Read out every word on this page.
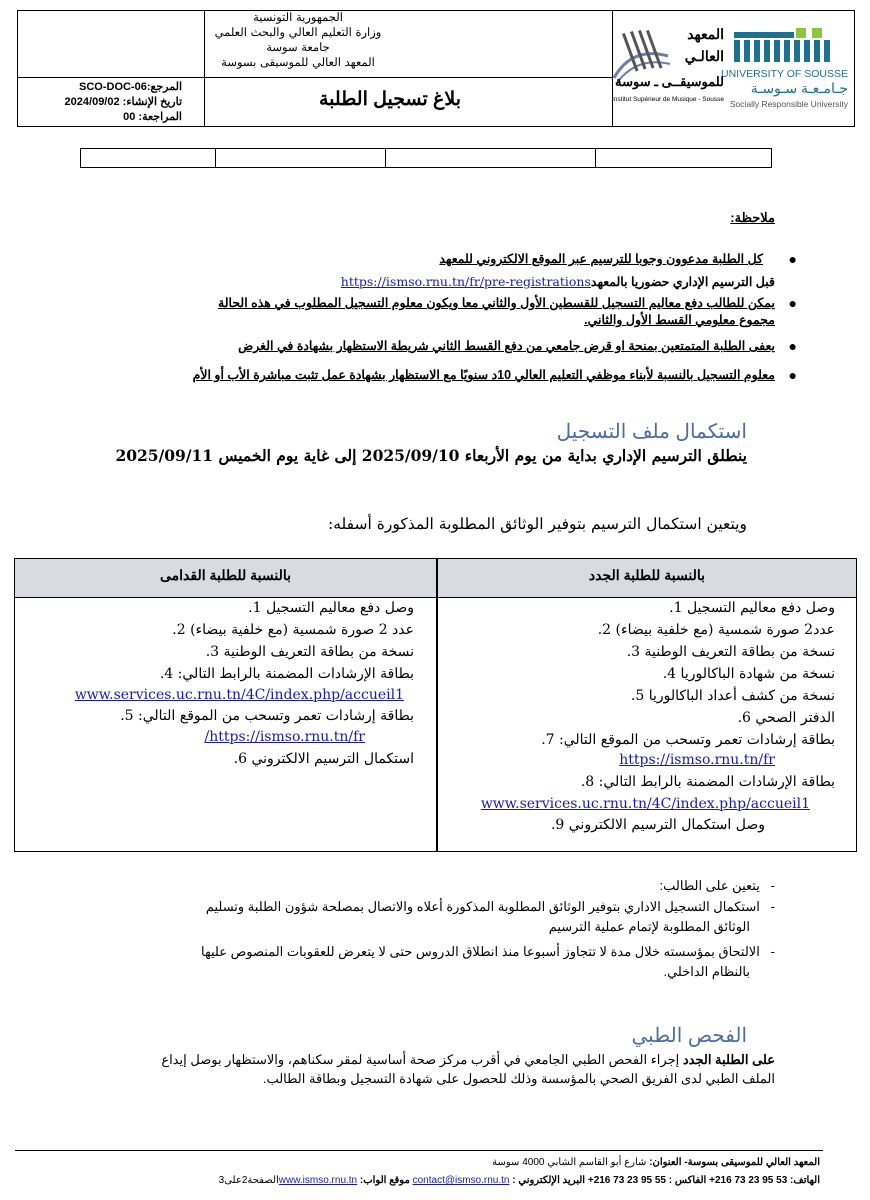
الجمهورية التونسية
وزارة التعليم العالي والبحث العلمي
جامعة سوسة
المعهد العالي للموسيقى بسوسة
المرجع:SCO-DOC-06
تاريخ الإنشاء: 2024/09/02
المراجعة: 00
بلاغ تسجيل الطلبة
المعهد
العالـي
للموسيقــى ـ سوسة
Institut Supérieur de Musique - Sousse
UNIVERSITY OF SOUSSE
جـامـعـة سـوسـة
Socially Responsible University
ملاحظة:
●
كل الطلبة مدعوون وجوبا للترسيم عبر الموقع الالكتروني للمعهد
قبل الترسيم الإداري حضوريا بالمعهدhttps://ismso.rnu.tn/fr/pre-registrations
●
يمكن للطالب دفع معاليم التسجيل للقسطين الأول والثاني معا ويكون معلوم التسجيل المطلوب في هذه الحالة
مجموع معلومي القسط الأول والثاني.
●
يعفى الطلبة المتمتعين بمنحة او قرض جامعي من دفع القسط الثاني شريطة الاستظهار بشهادة في الغرض
●
معلوم التسجيل بالنسبة لأبناء موظفي التعليم العالي 10د سنويًا مع الاستظهار بشهادة عمل تثبت مباشرة الأب أو الأم
استكمال ملف التسجيل
ينطلق الترسيم الإداري بداية من يوم الأربعاء 2025/09/10 إلى غاية يوم الخميس 2025/09/11
ويتعين استكمال الترسيم بتوفير الوثائق المطلوبة المذكورة أسفله:
بالنسبة للطلبة الجدد
بالنسبة للطلبة القدامى
وصل دفع معاليم التسجيل 1.
عدد2 صورة شمسية (مع خلفية بيضاء) 2.
نسخة من بطاقة التعريف الوطنية 3.
نسخة من شهادة الباكالوريا 4.
نسخة من كشف أعداد الباكالوريا 5.
الدفتر الصحي 6.
بطاقة إرشادات تعمر وتسحب من الموقع التالي: 7.
https://ismso.rnu.tn/fr
بطاقة الإرشادات المضمنة بالرابط التالي: 8.
www.services.uc.rnu.tn/4C/index.php/accueil1
وصل استكمال الترسيم الالكتروني 9.
وصل دفع معاليم التسجيل 1.
عدد 2 صورة شمسية (مع خلفية بيضاء) 2.
نسخة من بطاقة التعريف الوطنية 3.
بطاقة الإرشادات المضمنة بالرابط التالي: 4.
www.services.uc.rnu.tn/4C/index.php/accueil1
بطاقة إرشادات تعمر وتسحب من الموقع التالي: 5.
https://ismso.rnu.tn/fr/
استكمال الترسيم الالكتروني 6.
-   يتعين على الطالب:
-   استكمال التسجيل الاداري بتوفير الوثائق المطلوبة المذكورة أعلاه والاتصال بمصلحة شؤون الطلبة وتسليم
الوثائق المطلوبة لإتمام عملية الترسيم
-   الالتحاق بمؤسسته خلال مدة لا تتجاوز أسبوعا منذ انطلاق الدروس حتى لا يتعرض للعقوبات المنصوص عليها
بالنظام الداخلي.
الفحص الطبي
على الطلبة الجدد إجراء الفحص الطبي الجامعي في أقرب مركز صحة أساسية لمقر سكناهم، والاستظهار بوصل إيداع
الملف الطبي لدى الفريق الصحي بالمؤسسة وذلك للحصول على شهادة التسجيل وبطاقة الطالب.
المعهد العالي للموسيقى بسوسة- العنوان: شارع أبو القاسم الشابي 4000 سوسة
الهاتف: 53 95 23 73 216+ الفاكس : 55 95 23 73 216+ البريد الإلكتروني : contact@ismso.rnu.tn موقع الواب: www.ismso.rnu.tnالصفحة2على3
